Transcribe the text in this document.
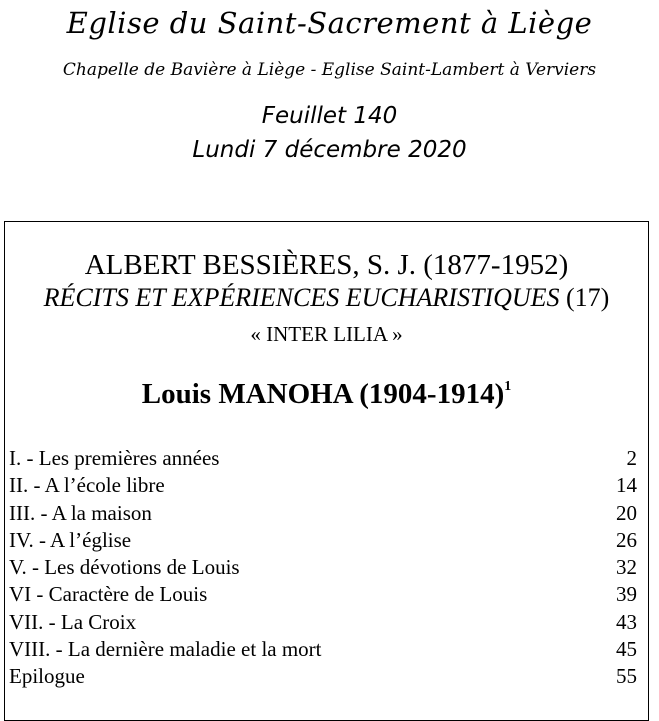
Eglise du Saint-Sacrement à Liège
Chapelle de Bavière à Liège - Eglise Saint-Lambert à Verviers
Feuillet 140
Lundi 7 décembre 2020
ALBERT BESSIÈRES, S. J. (1877-1952)
RÉCITS ET EXPÉRIENCES EUCHARISTIQUES (17)
« INTER LILIA »
Louis MANOHA (1904-1914)$^1$
I. - Les premières années	2
II. - A l’école libre	14
III. - A la maison	20
IV. - A l’église	26
V. - Les dévotions de Louis	32
VI - Caractère de Louis	39
VII. - La Croix	43
VIII. - La dernière maladie et la mort	45
Epilogue	55
